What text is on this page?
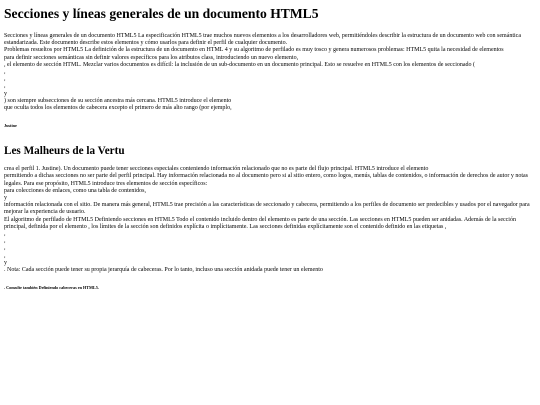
Secciones y líneas generales de un documento HTML5

Secciones y líneas generales de un documento HTML5 La especificación HTML5 trae muchos nuevos elementos a los desarrolladores web, permitiéndoles describir la estructura de un documento web con semántica estandarizada. Este documento describe estos elementos y cómo usarlos para definir el perfil de cualquier documento.

Problemas resueltos por HTML5 La definición de la estructura de un documento en HTML 4 y su algoritmo de perfilado es muy tosco y genera numerosos problemas: HTML5 quita la necesidad de elementos

para definir secciones semánticas sin definir valores específicos para los atributos class, introduciendo un nuevo elemento,

, el elemento de sección HTML. Mezclar varios documentos es difícil: la inclusión de un sub-documento en un documento principal. Esto se resuelve en HTML5 con los elementos de seccionado (

,
,
,
y

) son siempre subsecciones de su sección ancestra más cercana. HTML5 introduce el elemento

que oculta todos los elementos de cabecera excepto el primero de más alto rango (por ejemplo,

Justine
Les Malheurs de la Vertu

crea el perfil 1. Justine). Un documento puede tener secciones especiales conteniendo información relacionado que no es parte del flujo principal. HTML5 introduce el elemento

permitiendo a dichas secciones no ser parte del perfil principal. Hay información relacionada no al documento pero si al sitio entero, como logos, menús, tablas de contenidos, o información de derechos de autor y notas legales. Para ese propósito, HTML5 introduce tres elementos de sección específicos:

para colecciones de enlaces, como una tabla de contenidos,

y

información relacionada con el sitio. De manera más general, HTML5 trae precisión a las características de seccionado y cabecera, permitiendo a los perfiles de documento ser predecibles y usados por el navegador para mejorar la experiencia de usuario.

El algoritmo de perfilado de HTML5 Definiendo secciones en HTML5 Todo el contenido incluido dentro del elemento es parte de una sección. Las secciones en HTML5 pueden ser anidadas. Además de la sección principal, definida por el elemento , los límites de la sección son definidos explícita o implícitamente. Las secciones definidas explícitamente son el contenido definido en las etiquetas ,

,
,
,
,
y

. Nota: Cada sección puede tener su propia jerarquía de cabeceras. Por lo tanto, incluso una sección anidada puede tener un elemento

. Consulte también Definiendo cabeceras en HTML5.
